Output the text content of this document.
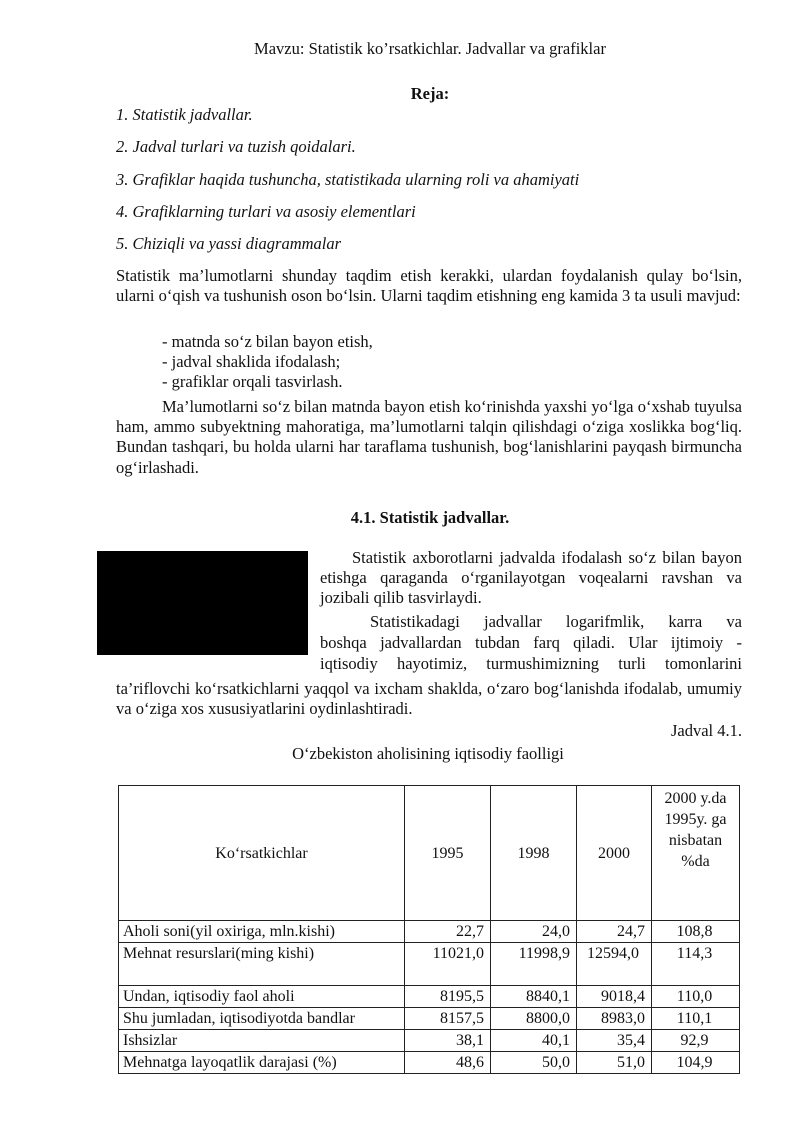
Mavzu: Statistik ko’rsatkichlar. Jadvallar va grafiklar
Reja:
1. Statistik jadvallar.
2. Jadval turlari va tuzish qoidalari.
3. Grafiklar haqida tushuncha, statistikada ularning roli va ahamiyati
4. Grafiklarning turlari va asosiy elementlari
5. Chiziqli va yassi diagrammalar
Statistik ma’lumotlarni shunday taqdim etish kerakki, ulardan foydalanish qulay bo‘lsin, ularni o‘qish va tushunish oson bo‘lsin. Ularni taqdim etishning eng kamida 3 ta usuli mavjud:
- matnda so‘z bilan bayon etish,
- jadval shaklida ifodalash;
- grafiklar orqali tasvirlash.
Ma’lumotlarni so‘z bilan matnda bayon etish ko‘rinishda yaxshi yo‘lga o‘xshab tuyulsa ham, ammo subyektning mahoratiga, ma’lumotlarni talqin qilishdagi o‘ziga xoslikka bog‘liq. Bundan tashqari, bu holda ularni har taraflama tushunish, bog‘lanishlarini payqash birmuncha og‘irlashadi.
4.1. Statistik jadvallar.
Statistik axborotlarni jadvalda ifodalash so‘z bilan bayon etishga qaraganda o‘rganilayotgan voqealarni ravshan va jozibali qilib tasvirlaydi.
Statistikadagi jadvallar logarifmlik, karra va
boshqa jadvallardan tubdan farq qiladi. Ular ijtimoiy -
iqtisodiy hayotimiz, turmushimizning turli tomonlarini
ta’riflovchi ko‘rsatkichlarni yaqqol va ixcham shaklda, o‘zaro bog‘lanishda ifodalab, umumiy va o‘ziga xos xususiyatlarini oydinlashtiradi.
Jadval 4.1.
O‘zbekiston aholisining iqtisodiy faolligi
Ko‘rsatkichlar	1995	1998	2000	2000 y.da 1995y. ga nisbatan %da
Aholi soni(yil oxiriga, mln.kishi)	22,7	24,0	24,7	108,8
Mehnat resurslari(ming kishi)	11021,0	11998,9	12594,0	114,3
Undan, iqtisodiy faol aholi	8195,5	8840,1	9018,4	110,0
Shu jumladan, iqtisodiyotda bandlar	8157,5	8800,0	8983,0	110,1
Ishsizlar	38,1	40,1	35,4	92,9
Mehnatga layoqatlik darajasi (%)	48,6	50,0	51,0	104,9
